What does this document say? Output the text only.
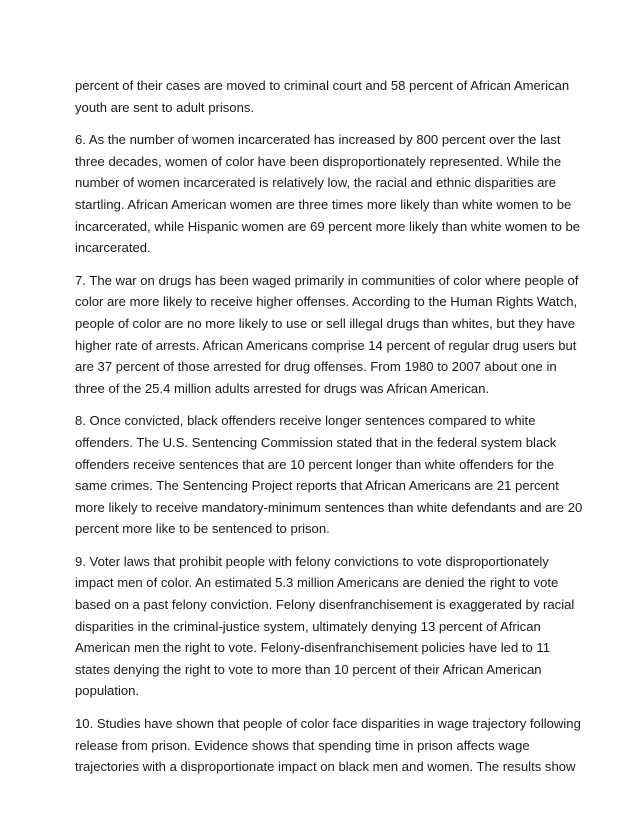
percent of their cases are moved to criminal court and 58 percent of African American
youth are sent to adult prisons.

6. As the number of women incarcerated has increased by 800 percent over the last
three decades, women of color have been disproportionately represented. While the
number of women incarcerated is relatively low, the racial and ethnic disparities are
startling. African American women are three times more likely than white women to be
incarcerated, while Hispanic women are 69 percent more likely than white women to be
incarcerated.

7. The war on drugs has been waged primarily in communities of color where people of
color are more likely to receive higher offenses. According to the Human Rights Watch,
people of color are no more likely to use or sell illegal drugs than whites, but they have
higher rate of arrests. African Americans comprise 14 percent of regular drug users but
are 37 percent of those arrested for drug offenses. From 1980 to 2007 about one in
three of the 25.4 million adults arrested for drugs was African American.

8. Once convicted, black offenders receive longer sentences compared to white
offenders. The U.S. Sentencing Commission stated that in the federal system black
offenders receive sentences that are 10 percent longer than white offenders for the
same crimes. The Sentencing Project reports that African Americans are 21 percent
more likely to receive mandatory-minimum sentences than white defendants and are 20
percent more like to be sentenced to prison.

9. Voter laws that prohibit people with felony convictions to vote disproportionately
impact men of color. An estimated 5.3 million Americans are denied the right to vote
based on a past felony conviction. Felony disenfranchisement is exaggerated by racial
disparities in the criminal-justice system, ultimately denying 13 percent of African
American men the right to vote. Felony-disenfranchisement policies have led to 11
states denying the right to vote to more than 10 percent of their African American
population.

10. Studies have shown that people of color face disparities in wage trajectory following
release from prison. Evidence shows that spending time in prison affects wage
trajectories with a disproportionate impact on black men and women. The results show
